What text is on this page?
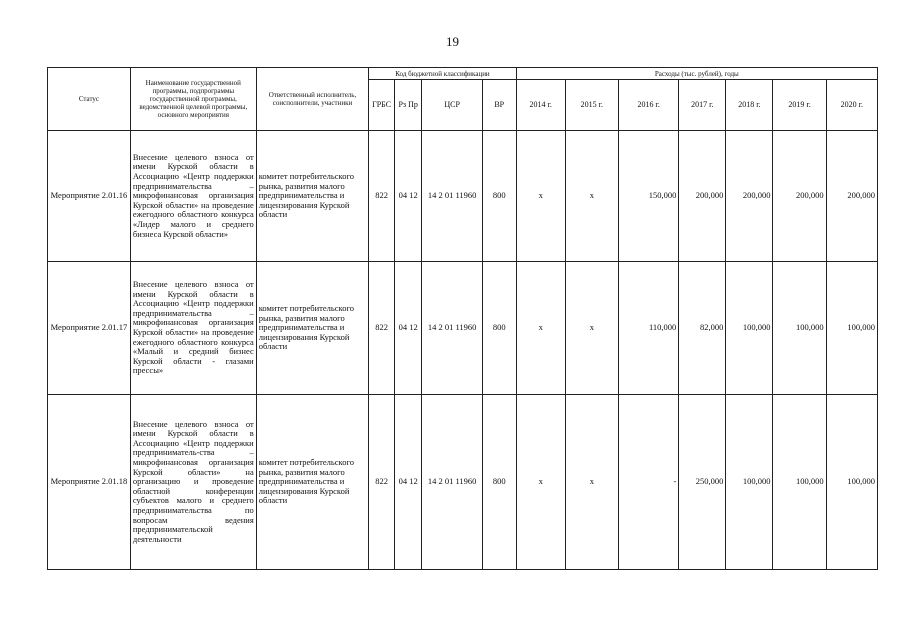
19
Статус	Наименование государственной программы, подпрограммы государственной программы, ведомственной целевой программы, основного мероприятия	Ответственный исполнитель, соисполнители, участники	Код бюджетной классификации				Расходы (тыс. рублей), годы						
			ГРБС	Рз Пр	ЦСР	ВР	2014 г.	2015 г.	2016 г.	2017 г.	2018 г.	2019 г.	2020 г.
Мероприятие 2.01.16	Внесение целевого взноса от имени Курской области в Ассоциацию «Центр поддержки предпринимательства – микрофинансовая организация Курской области» на проведение ежегодного областного конкурса «Лидер малого и среднего бизнеса Курской области»	комитет потребительского рынка, развития малого предпринимательства и лицензирования Курской области	822	04 12	14 2 01 11960	800	х	х	150,000	200,000	200,000	200,000	200,000
Мероприятие 2.01.17	Внесение целевого взноса от имени Курской области в Ассоциацию «Центр поддержки предпринимательства – микрофинансовая организация Курской области» на проведение ежегодного областного конкурса «Малый и средний бизнес Курской области - глазами прессы»	комитет потребительского рынка, развития малого предпринимательства и лицензирования Курской области	822	04 12	14 2 01 11960	800	х	х	110,000	82,000	100,000	100,000	100,000
Мероприятие 2.01.18	Внесение целевого взноса от имени Курской области в Ассоциацию «Центр поддержки предприниматель-ства – микрофинансовая организация Курской области» на организацию и проведение областной конференции субъектов малого и среднего предпринимательства по вопросам ведения предпринимательской деятельности	комитет потребительского рынка, развития малого предпринимательства и лицензирования Курской области	822	04 12	14 2 01 11960	800	х	х	-	250,000	100,000	100,000	100,000
